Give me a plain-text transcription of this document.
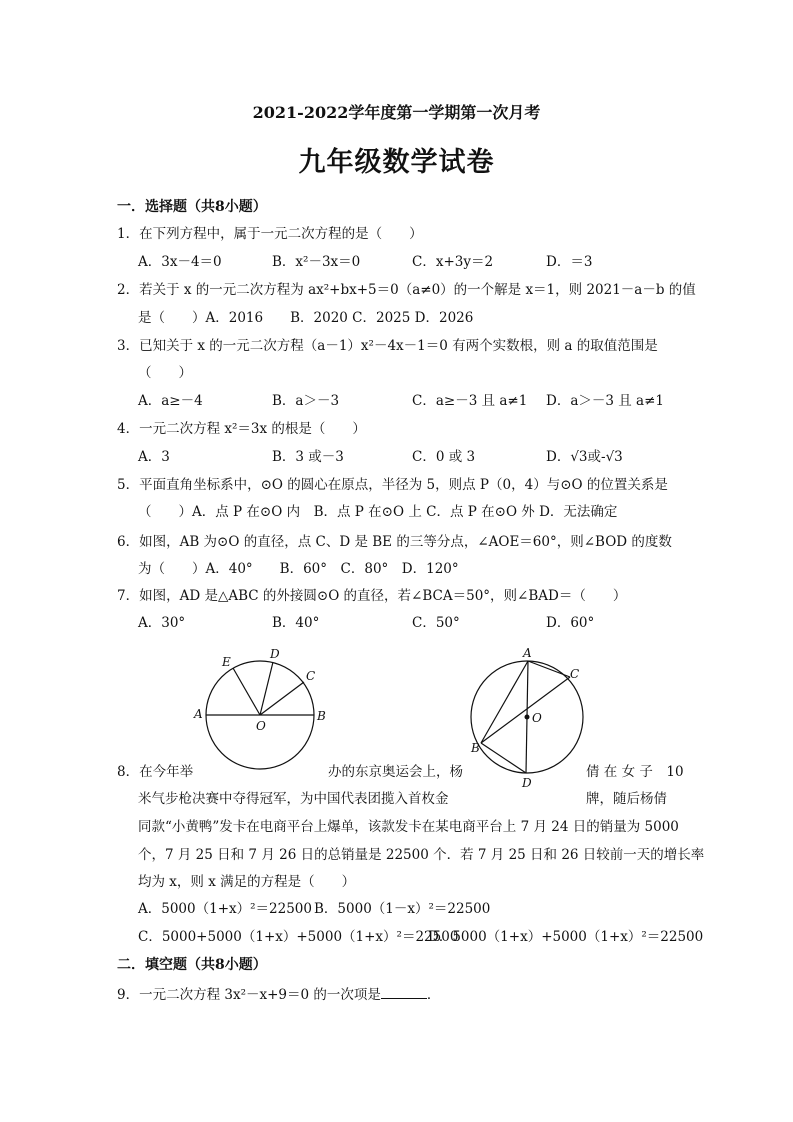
2021-2022学年度第一学期第一次月考
九年级数学试卷
一．选择题（共8小题）
1．在下列方程中，属于一元二次方程的是（　　）
A．3x－4＝0	B．x²－3x＝0	C．x+3y＝2	D．＝3
2．若关于 x 的一元二次方程为 ax²+bx+5＝0（a≠0）的一个解是 x＝1，则 2021－a－b 的值
是（　　）A．2016　　B．2020 C．2025 D．2026
3．已知关于 x 的一元二次方程（a－1）x²－4x－1＝0 有两个实数根，则 a 的取值范围是
（　　）
A．a≥－4	B．a＞－3	C．a≥－3 且 a≠1 D．a＞－3 且 a≠1
4．一元二次方程 x²＝3x 的根是（　　）
A．3	B．3 或－3	C．0 或 3	D．√3或-√3
5．平面直角坐标系中，⊙O 的圆心在原点，半径为 5，则点 P（0，4）与⊙O 的位置关系是
（　　）A．点 P 在⊙O 内　B．点 P 在⊙O 上 C．点 P 在⊙O 外 D．无法确定
6．如图，AB 为⊙O 的直径，点 C、D 是 BE 的三等分点，∠AOE＝60°，则∠BOD 的度数
为（　　）A．40°　　B．60°　C．80°　D．120°
7．如图，AD 是△ABC 的外接圆⊙O 的直径，若∠BCA＝50°，则∠BAD＝（　　）
A．30°	B．40°	C．50°	D．60°
E
D
C
A
O
B
A
C
O
B
D
8．在今年举	办的东京奥运会上，杨	倩 在 女 子　10
米气步枪决赛中夺得冠军，为中国代表团揽入首枚金	牌，随后杨倩
同款“小黄鸭”发卡在电商平台上爆单，该款发卡在某电商平台上 7 月 24 日的销量为 5000
个，7 月 25 日和 7 月 26 日的总销量是 22500 个．若 7 月 25 日和 26 日较前一天的增长率
均为 x，则 x 满足的方程是（　　）
A．5000（1+x）²＝22500 B．5000（1－x）²＝22500
C．5000+5000（1+x）+5000（1+x）²＝22500
D．5000（1+x）+5000（1+x）²＝22500
二．填空题（共8小题）
9．一元二次方程 3x²－x+9＝0 的一次项是	．
